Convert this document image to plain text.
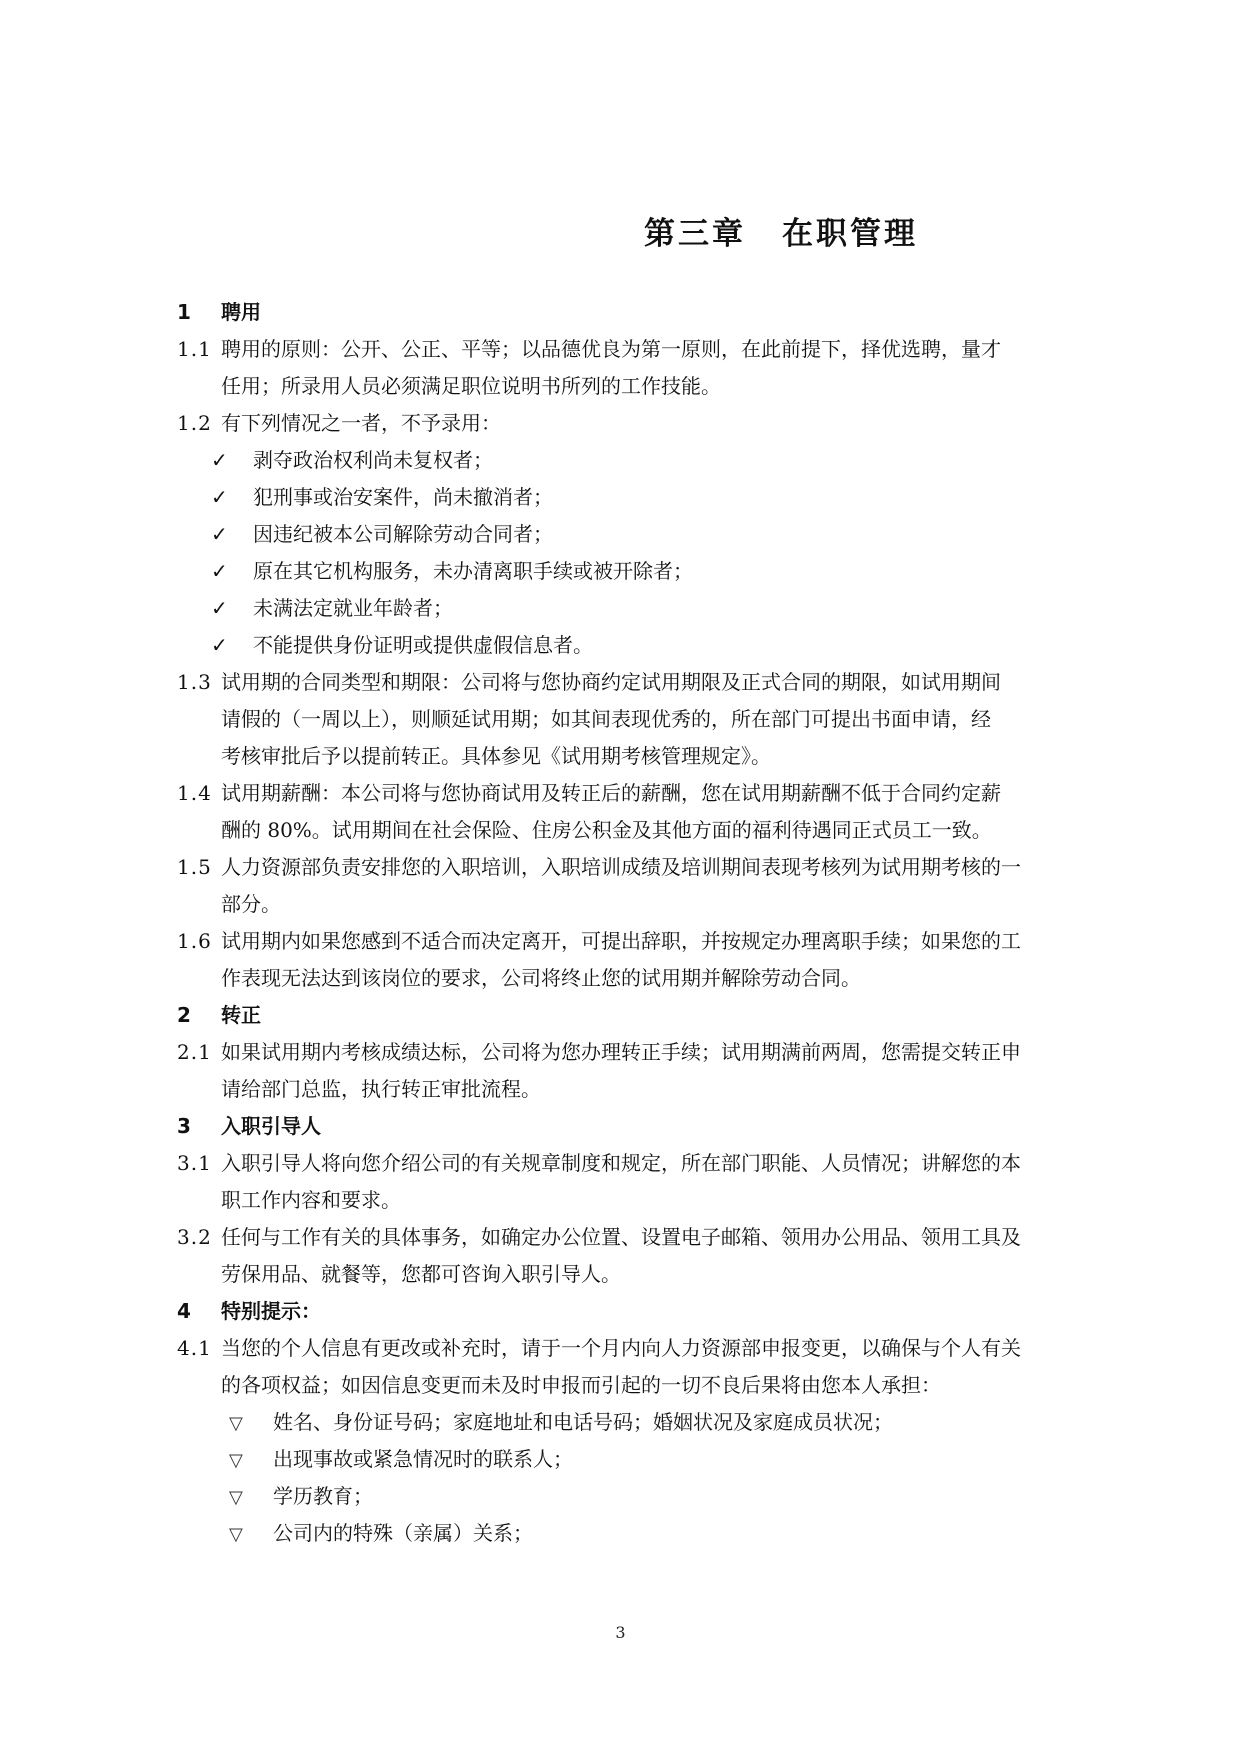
第三章 在职管理
1 聘用
1.1 聘用的原则：公开、公正、平等；以品德优良为第一原则，在此前提下，择优选聘，量才
任用；所录用人员必须满足职位说明书所列的工作技能。
1.2 有下列情况之一者，不予录用：
✓ 剥夺政治权利尚未复权者；
✓ 犯刑事或治安案件，尚未撤消者；
✓ 因违纪被本公司解除劳动合同者；
✓ 原在其它机构服务，未办清离职手续或被开除者；
✓ 未满法定就业年龄者；
✓ 不能提供身份证明或提供虚假信息者。
1.3 试用期的合同类型和期限：公司将与您协商约定试用期限及正式合同的期限，如试用期间
请假的（一周以上），则顺延试用期；如其间表现优秀的，所在部门可提出书面申请，经
考核审批后予以提前转正。具体参见《试用期考核管理规定》。
1.4 试用期薪酬：本公司将与您协商试用及转正后的薪酬，您在试用期薪酬不低于合同约定薪
酬的 80%。试用期间在社会保险、住房公积金及其他方面的福利待遇同正式员工一致。
1.5 人力资源部负责安排您的入职培训，入职培训成绩及培训期间表现考核列为试用期考核的一
部分。
1.6 试用期内如果您感到不适合而决定离开，可提出辞职，并按规定办理离职手续；如果您的工
作表现无法达到该岗位的要求，公司将终止您的试用期并解除劳动合同。
2 转正
2.1 如果试用期内考核成绩达标，公司将为您办理转正手续；试用期满前两周，您需提交转正申
请给部门总监，执行转正审批流程。
3 入职引导人
3.1 入职引导人将向您介绍公司的有关规章制度和规定，所在部门职能、人员情况；讲解您的本
职工作内容和要求。
3.2 任何与工作有关的具体事务，如确定办公位置、设置电子邮箱、领用办公用品、领用工具及
劳保用品、就餐等，您都可咨询入职引导人。
4 特别提示：
4.1 当您的个人信息有更改或补充时，请于一个月内向人力资源部申报变更，以确保与个人有关
的各项权益；如因信息变更而未及时申报而引起的一切不良后果将由您本人承担：
▽ 姓名、身份证号码；家庭地址和电话号码；婚姻状况及家庭成员状况；
▽ 出现事故或紧急情况时的联系人；
▽ 学历教育；
▽ 公司内的特殊（亲属）关系；
3
